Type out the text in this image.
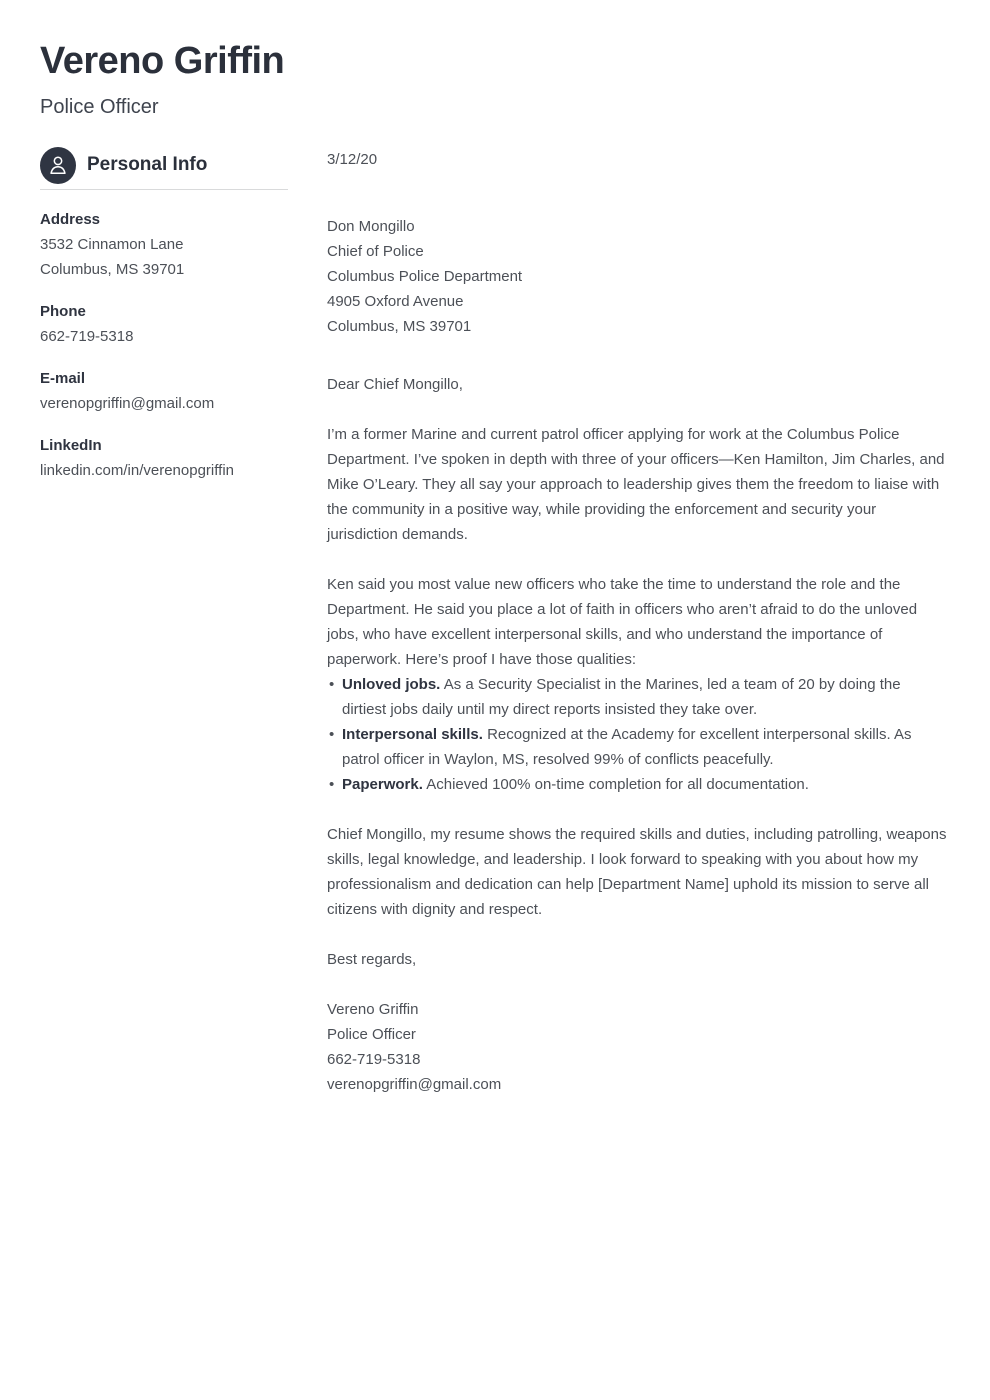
Vereno Griffin
Police Officer
Personal Info
Address
3532 Cinnamon Lane
Columbus, MS 39701
Phone
662-719-5318
E-mail
verenopgriffin@gmail.com
LinkedIn
linkedin.com/in/verenopgriffin
3/12/20
Don Mongillo
Chief of Police
Columbus Police Department
4905 Oxford Avenue
Columbus, MS 39701
Dear Chief Mongillo,

I’m a former Marine and current patrol officer applying for work at the Columbus Police Department. I’ve spoken in depth with three of your officers—Ken Hamilton, Jim Charles, and Mike O’Leary. They all say your approach to leadership gives them the freedom to liaise with the community in a positive way, while providing the enforcement and security your jurisdiction demands.

Ken said you most value new officers who take the time to understand the role and the Department. He said you place a lot of faith in officers who aren’t afraid to do the unloved jobs, who have excellent interpersonal skills, and who understand the importance of paperwork. Here’s proof I have those qualities:

• Unloved jobs. As a Security Specialist in the Marines, led a team of 20 by doing the dirtiest jobs daily until my direct reports insisted they take over.
• Interpersonal skills. Recognized at the Academy for excellent interpersonal skills. As patrol officer in Waylon, MS, resolved 99% of conflicts peacefully.
• Paperwork. Achieved 100% on-time completion for all documentation.

Chief Mongillo, my resume shows the required skills and duties, including patrolling, weapons skills, legal knowledge, and leadership. I look forward to speaking with you about how my professionalism and dedication can help [Department Name] uphold its mission to serve all citizens with dignity and respect.

Best regards,
Vereno Griffin
Police Officer
662-719-5318
verenopgriffin@gmail.com
